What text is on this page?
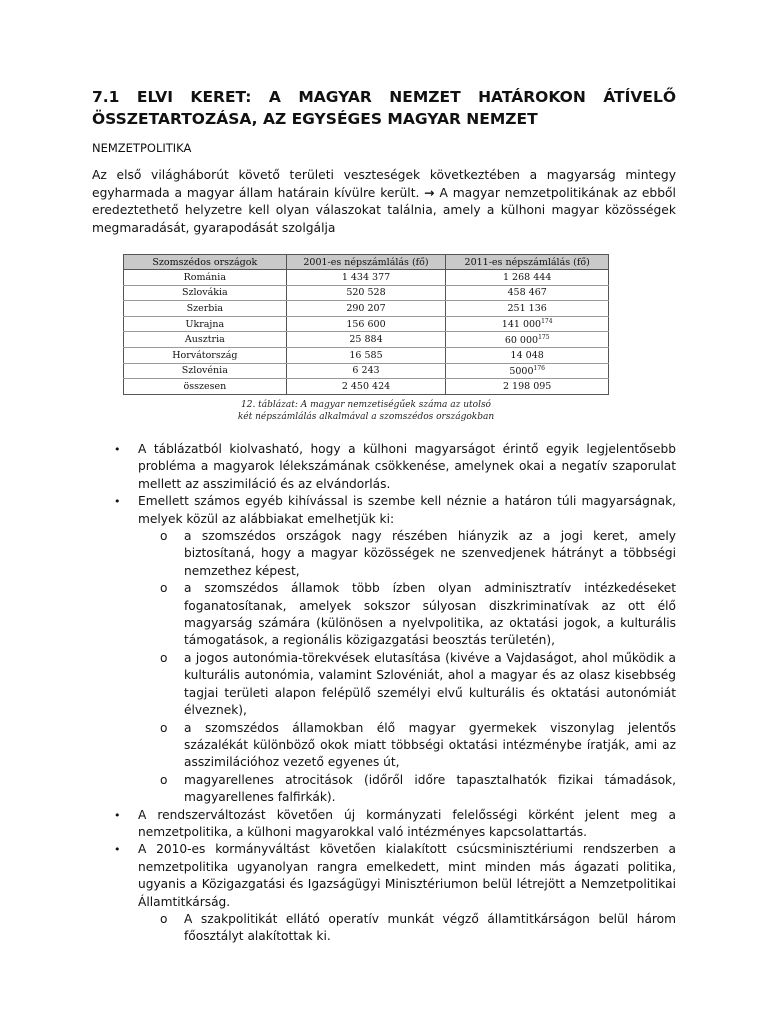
7.1 ELVI KERET: A MAGYAR NEMZET HATÁROKON ÁTÍVELŐ
ÖSSZETARTOZÁSA, AZ EGYSÉGES MAGYAR NEMZET

NEMZETPOLITIKA

Az első világháborút követő területi veszteségek következtében a magyarság mintegy egyharmada a magyar állam határain kívülre került. → A magyar nemzetpolitikának az ebből eredeztethető helyzetre kell olyan válaszokat találnia, amely a külhoni magyar közösségek megmaradását, gyarapodását szolgálja

Szomszédos országok	2001-es népszámlálás (fő)	2011-es népszámlálás (fő)
Románia	1 434 377	1 268 444
Szlovákia	520 528	458 467
Szerbia	290 207	251 136
Ukrajna	156 600	141 $000^{174}$
Ausztria	25 884	60 $000^{175}$
Horvátország	16 585	14 048
Szlovénia	6 243	5000$^{176}$
összesen	2 450 424	2 198 095
12. táblázat: A magyar nemzetiségűek száma az utolsó
két népszámlálás alkalmával a szomszédos országokban

• A táblázatból kiolvasható, hogy a külhoni magyarságot érintő egyik legjelentősebb probléma a magyarok lélekszámának csökkenése, amelynek okai a negatív szaporulat mellett az asszimiláció és az elvándorlás.

• Emellett számos egyéb kihívással is szembe kell néznie a határon túli magyarságnak, melyek közül az alábbiakat emelhetjük ki:

o a szomszédos országok nagy részében hiányzik az a jogi keret, amely biztosítaná, hogy a magyar közösségek ne szenvedjenek hátrányt a többségi nemzethez képest,

o a szomszédos államok több ízben olyan adminisztratív intézkedéseket foganatosítanak, amelyek sokszor súlyosan diszkriminatívak az ott élő magyarság számára (különösen a nyelvpolitika, az oktatási jogok, a kulturális támogatások, a regionális közigazgatási beosztás területén),

o a jogos autonómia-törekvések elutasítása (kivéve a Vajdaságot, ahol működik a kulturális autonómia, valamint Szlovéniát, ahol a magyar és az olasz kisebbség tagjai területi alapon felépülő személyi elvű kulturális és oktatási autonómiát élveznek),

o a szomszédos államokban élő magyar gyermekek viszonylag jelentős százalékát különböző okok miatt többségi oktatási intézménybe íratják, ami az asszimilációhoz vezető egyenes út,

o magyarellenes atrocitások (időről időre tapasztalhatók fizikai támadások, magyarellenes falfirkák).

• A rendszerváltozást követően új kormányzati felelősségi körként jelent meg a nemzetpolitika, a külhoni magyarokkal való intézményes kapcsolattartás.

• A 2010-es kormányváltást követően kialakított csúcsminisztériumi rendszerben a nemzetpolitika ugyanolyan rangra emelkedett, mint minden más ágazati politika, ugyanis a Közigazgatási és Igazságügyi Minisztériumon belül létrejött a Nemzetpolitikai Államtitkárság.

o A szakpolitikát ellátó operatív munkát végző államtitkárságon belül három főosztályt alakítottak ki.
